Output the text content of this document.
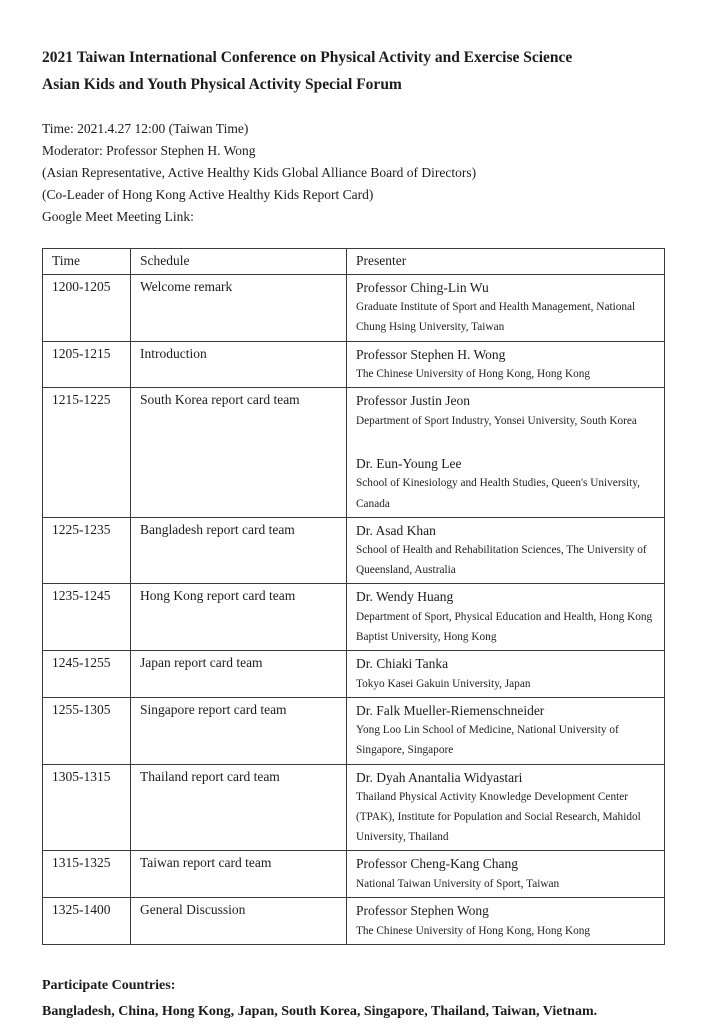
2021 Taiwan International Conference on Physical Activity and Exercise Science
Asian Kids and Youth Physical Activity Special Forum
Time: 2021.4.27 12:00 (Taiwan Time)
Moderator: Professor Stephen H. Wong
(Asian Representative, Active Healthy Kids Global Alliance Board of Directors)
(Co-Leader of Hong Kong Active Healthy Kids Report Card)
Google Meet Meeting Link:
Time	Schedule	Presenter
1200-1205	Welcome remark	Professor Ching-Lin Wu
Graduate Institute of Sport and Health Management, National Chung Hsing University, Taiwan

1205-1215	Introduction	Professor Stephen H. Wong
The Chinese University of Hong Kong, Hong Kong

1215-1225	South Korea report card team	Professor Justin Jeon
Department of Sport Industry, Yonsei University, South Korea
Dr. Eun-Young Lee
School of Kinesiology and Health Studies, Queen's University, Canada

1225-1235	Bangladesh report card team	Dr. Asad Khan
School of Health and Rehabilitation Sciences, The University of Queensland, Australia

1235-1245	Hong Kong report card team	Dr. Wendy Huang
Department of Sport, Physical Education and Health, Hong Kong Baptist University, Hong Kong

1245-1255	Japan report card team	Dr. Chiaki Tanka
Tokyo Kasei Gakuin University, Japan

1255-1305	Singapore report card team	Dr. Falk Mueller-Riemenschneider
Yong Loo Lin School of Medicine, National University of Singapore, Singapore

1305-1315	Thailand report card team	Dr. Dyah Anantalia Widyastari
Thailand Physical Activity Knowledge Development Center (TPAK), Institute for Population and Social Research, Mahidol University, Thailand

1315-1325	Taiwan report card team	Professor Cheng-Kang Chang
National Taiwan University of Sport, Taiwan

1325-1400	General Discussion	Professor Stephen Wong
The Chinese University of Hong Kong, Hong Kong
Participate Countries:
Bangladesh, China, Hong Kong, Japan, South Korea, Singapore, Thailand, Taiwan, Vietnam.
